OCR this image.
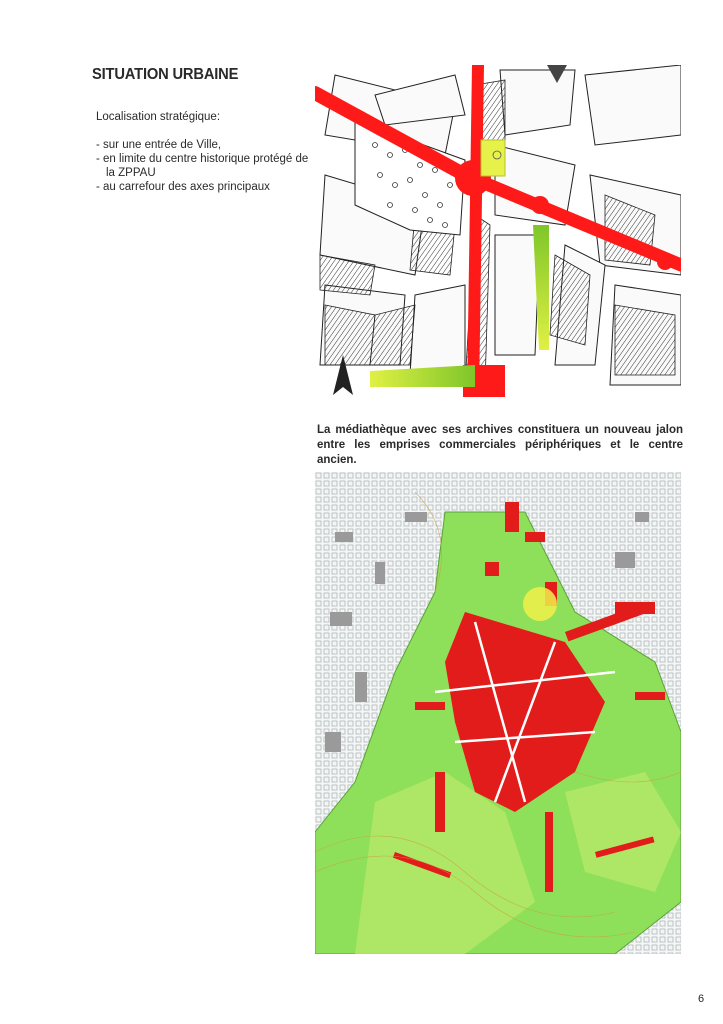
SITUATION URBAINE
Localisation stratégique:
- sur une entrée de Ville,
- en limite du centre historique protégé de la ZPPAU
- au carrefour des axes principaux
La médiathèque avec ses archives constituera un nouveau jalon entre les emprises commerciales périphériques et le centre ancien.
6
